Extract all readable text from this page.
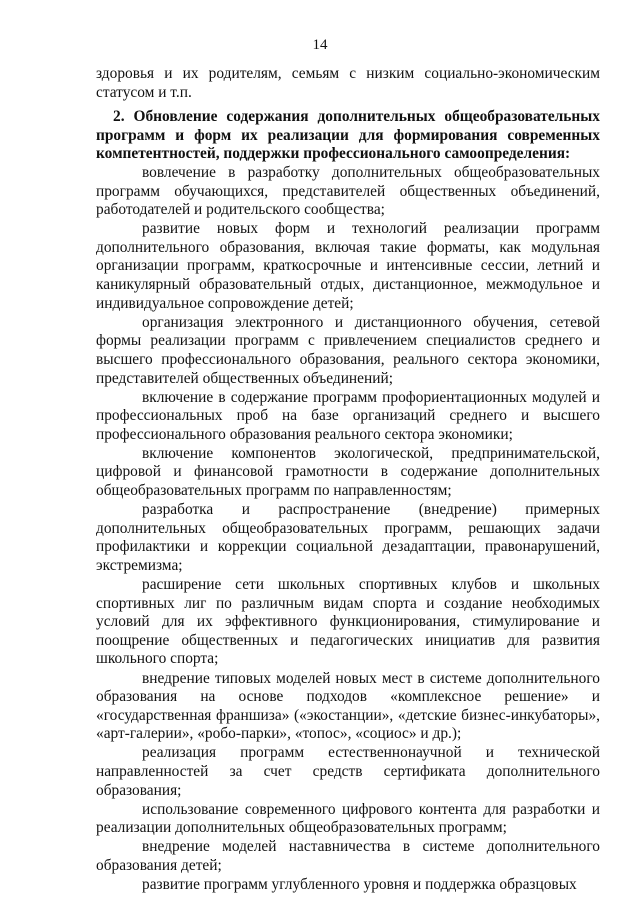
14

здоровья и их родителям, семьям с низким социально-экономическим статусом и т.п.

2. Обновление содержания дополнительных общеобразовательных программ и форм их реализации для формирования современных компетентностей, поддержки профессионального самоопределения:

вовлечение в разработку дополнительных общеобразовательных программ обучающихся, представителей общественных объединений, работодателей и родительского сообщества;

развитие новых форм и технологий реализации программ дополнительного образования, включая такие форматы, как модульная организации программ, краткосрочные и интенсивные сессии, летний и каникулярный образовательный отдых, дистанционное, межмодульное и индивидуальное сопровождение детей;

организация электронного и дистанционного обучения, сетевой формы реализации программ с привлечением специалистов среднего и высшего профессионального образования, реального сектора экономики, представителей общественных объединений;

включение в содержание программ профориентационных модулей и профессиональных проб на базе организаций среднего и высшего профессионального образования реального сектора экономики;

включение компонентов экологической, предпринимательской, цифровой и финансовой грамотности в содержание дополнительных общеобразовательных программ по направленностям;

разработка и распространение (внедрение) примерных дополнительных общеобразовательных программ, решающих задачи профилактики и коррекции социальной дезадаптации, правонарушений, экстремизма;

расширение сети школьных спортивных клубов и школьных спортивных лиг по различным видам спорта и создание необходимых условий для их эффективного функционирования, стимулирование и поощрение общественных и педагогических инициатив для развития школьного спорта;

внедрение типовых моделей новых мест в системе дополнительного образования на основе подходов «комплексное решение» и «государственная франшиза» («экостанции», «детские бизнес-инкубаторы», «арт-галерии», «робо-парки», «топос», «социос» и др.);

реализация программ естественнонаучной и технической направленностей за счет средств сертификата дополнительного образования;

использование современного цифрового контента для разработки и реализации дополнительных общеобразовательных программ;

внедрение моделей наставничества в системе дополнительного образования детей;

развитие программ углубленного уровня и поддержка образцовых
